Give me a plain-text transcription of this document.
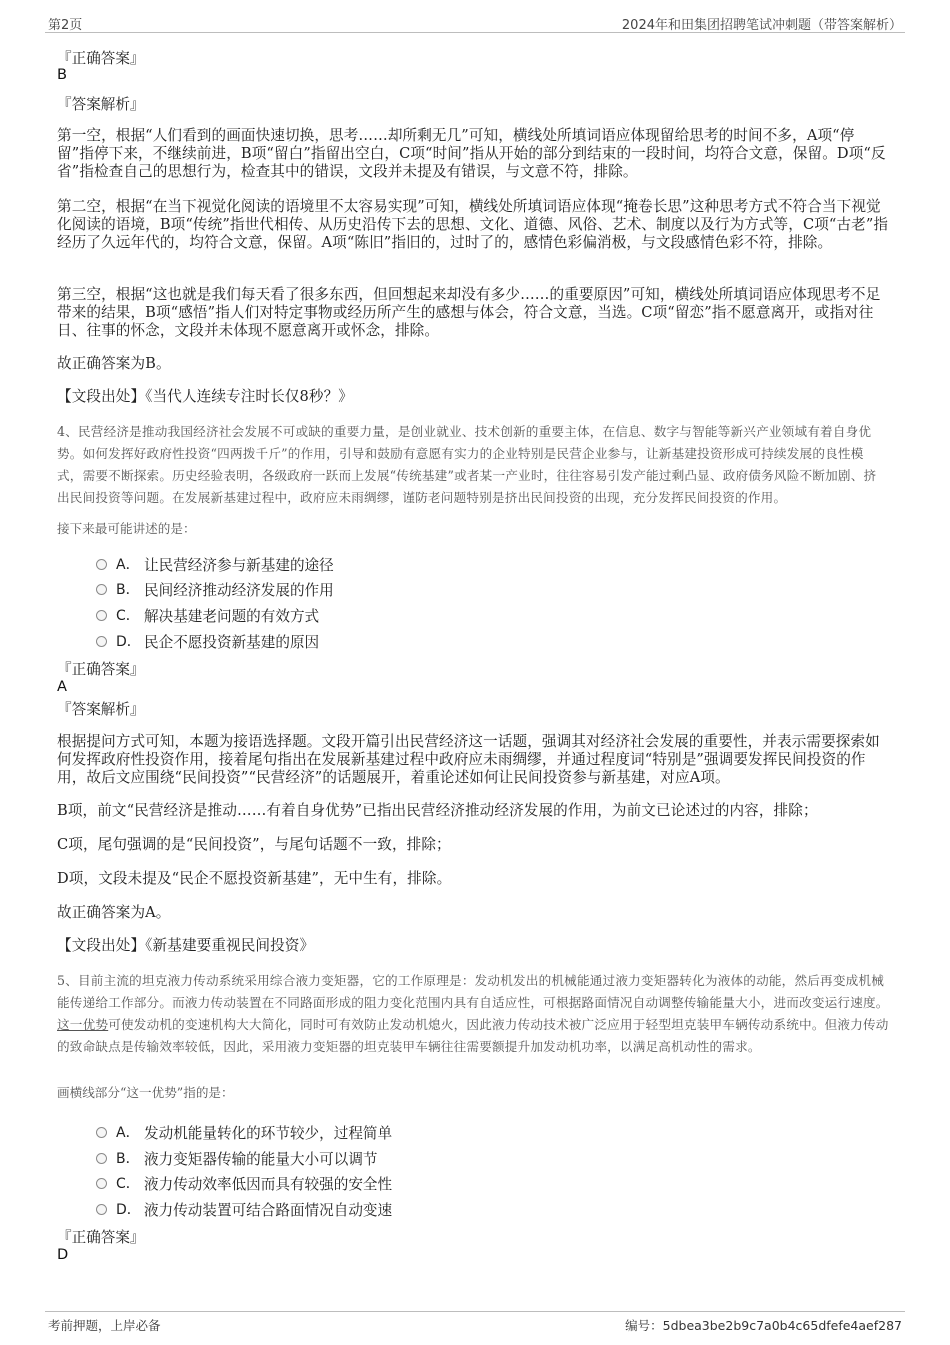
第2页	2024年和田集团招聘笔试冲刺题（带答案解析）
『正确答案』
B
『答案解析』
第一空，根据“人们看到的画面快速切换，思考……却所剩无几”可知，横线处所填词语应体现留给思考的时间不多，A项“停留”指停下来，不继续前进，B项“留白”指留出空白，C项“时间”指从开始的部分到结束的一段时间，均符合文意，保留。D项“反省”指检查自己的思想行为，检查其中的错误，文段并未提及有错误，与文意不符，排除。
第二空，根据“在当下视觉化阅读的语境里不太容易实现”可知，横线处所填词语应体现“掩卷长思”这种思考方式不符合当下视觉化阅读的语境，B项“传统”指世代相传、从历史沿传下去的思想、文化、道德、风俗、艺术、制度以及行为方式等，C项“古老”指经历了久远年代的，均符合文意，保留。A项“陈旧”指旧的，过时了的，感情色彩偏消极，与文段感情色彩不符，排除。
第三空，根据“这也就是我们每天看了很多东西，但回想起来却没有多少……的重要原因”可知，横线处所填词语应体现思考不足带来的结果，B项“感悟”指人们对特定事物或经历所产生的感想与体会，符合文意，当选。C项“留恋”指不愿意离开，或指对往日、往事的怀念，文段并未体现不愿意离开或怀念，排除。
故正确答案为B。
【文段出处】《当代人连续专注时长仅8秒？》
4、民营经济是推动我国经济社会发展不可或缺的重要力量，是创业就业、技术创新的重要主体，在信息、数字与智能等新兴产业领域有着自身优势。如何发挥好政府性投资“四两拨千斤”的作用，引导和鼓励有意愿有实力的企业特别是民营企业参与，让新基建投资形成可持续发展的良性模式，需要不断探索。历史经验表明，各级政府一跃而上发展“传统基建”或者某一产业时，往往容易引发产能过剩凸显、政府债务风险不断加剧、挤出民间投资等问题。在发展新基建过程中，政府应未雨绸缪，谨防老问题特别是挤出民间投资的出现，充分发挥民间投资的作用。
接下来最可能讲述的是：
A． 让民营经济参与新基建的途径
B． 民间经济推动经济发展的作用
C． 解决基建老问题的有效方式
D． 民企不愿投资新基建的原因
『正确答案』
A
『答案解析』
根据提问方式可知，本题为接语选择题。文段开篇引出民营经济这一话题，强调其对经济社会发展的重要性，并表示需要探索如何发挥政府性投资作用，接着尾句指出在发展新基建过程中政府应未雨绸缪，并通过程度词“特别是”强调要发挥民间投资的作用，故后文应围绕“民间投资”“民营经济”的话题展开，着重论述如何让民间投资参与新基建，对应A项。
B项，前文“民营经济是推动……有着自身优势”已指出民营经济推动经济发展的作用，为前文已论述过的内容，排除；
C项，尾句强调的是“民间投资”，与尾句话题不一致，排除；
D项，文段未提及“民企不愿投资新基建”，无中生有，排除。
故正确答案为A。
【文段出处】《新基建要重视民间投资》
5、目前主流的坦克液力传动系统采用综合液力变矩器，它的工作原理是：发动机发出的机械能通过液力变矩器转化为液体的动能，然后再变成机械能传递给工作部分。而液力传动装置在不同路面形成的阻力变化范围内具有自适应性，可根据路面情况自动调整传输能量大小，进而改变运行速度。这一优势可使发动机的变速机构大大简化，同时可有效防止发动机熄火，因此液力传动技术被广泛应用于轻型坦克装甲车辆传动系统中。但液力传动的致命缺点是传输效率较低，因此，采用液力变矩器的坦克装甲车辆往往需要额提升加发动机功率，以满足高机动性的需求。
画横线部分“这一优势”指的是：
A． 发动机能量转化的环节较少，过程简单
B． 液力变矩器传输的能量大小可以调节
C． 液力传动效率低因而具有较强的安全性
D． 液力传动装置可结合路面情况自动变速
『正确答案』
D
考前押题，上岸必备	编号：5dbea3be2b9c7a0b4c65dfefe4aef287
